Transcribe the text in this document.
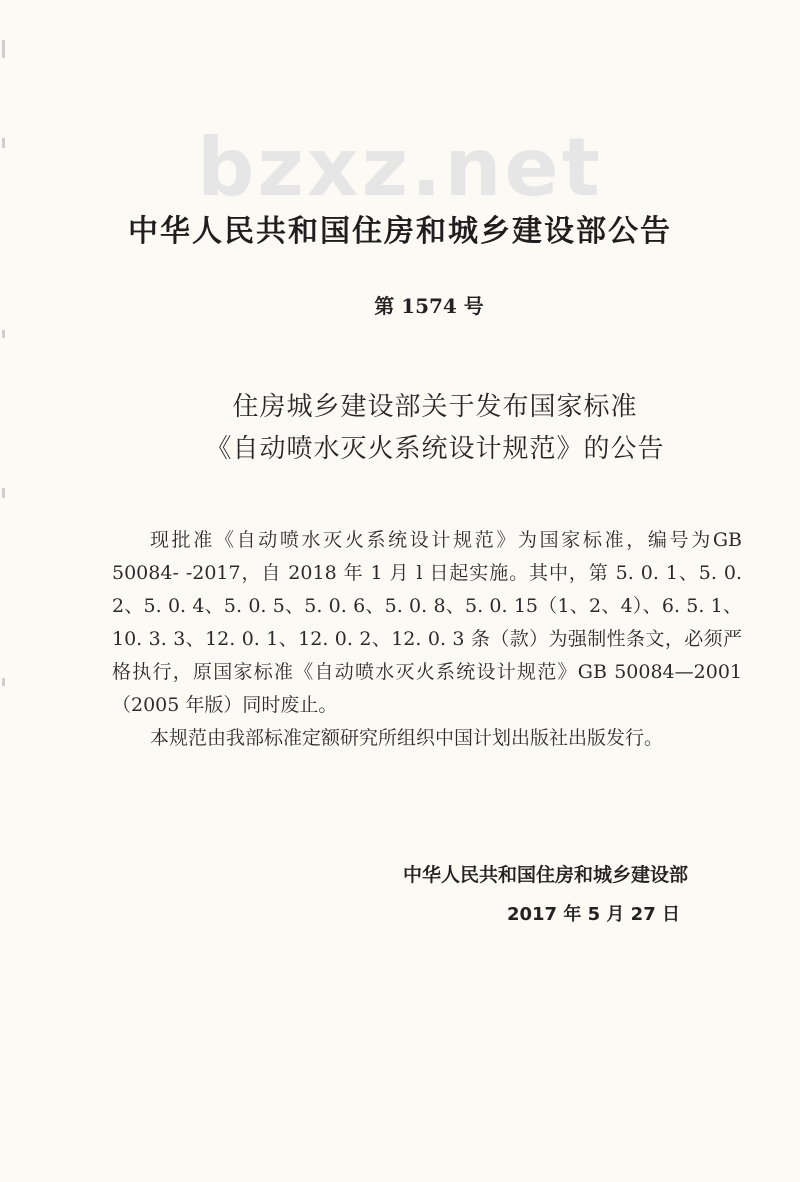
bzxz.net
中华人民共和国住房和城乡建设部公告
第 1574 号
住房城乡建设部关于发布国家标准
《自动喷水灭火系统设计规范》的公告

现批准《自动喷水灭火系统设计规范》为国家标准，编号为GB 50084- -2017，自 2018 年 1 月 l 日起实施。其中，第 5. 0. 1、5. 0. 2、5. 0. 4、5. 0. 5、5. 0. 6、5. 0. 8、5. 0. 15（1、2、4）、6. 5. 1、10. 3. 3、12. 0. 1、12. 0. 2、12. 0. 3 条（款）为强制性条文，必须严格执行，原国家标准《自动喷水灭火系统设计规范》GB 50084—2001（2005 年版）同时废止。

本规范由我部标准定额研究所组织中国计划出版社出版发行。

中华人民共和国住房和城乡建设部
2017 年 5 月 27 日
